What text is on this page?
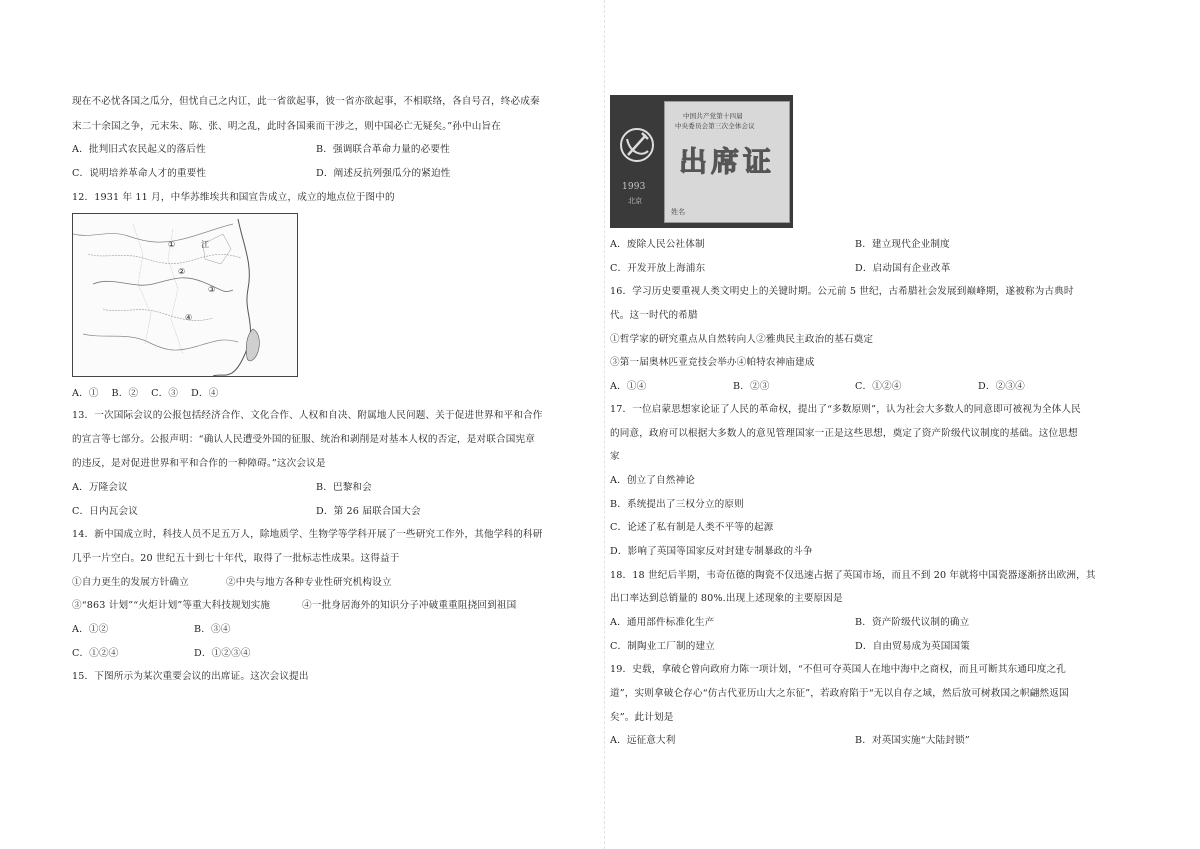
现在不必忧各国之瓜分，但忧自己之内讧，此一省欲起事，彼一省亦欲起事，不相联络，各自号召，终必成秦
末二十余国之争，元末朱、陈、张、明之乱，此时各国乘而干涉之，则中国必亡无疑矣。”孙中山旨在
A．批判旧式农民起义的落后性	B．强调联合革命力量的必要性
C．说明培养革命人才的重要性	D．阐述反抗列强瓜分的紧迫性
12．1931 年 11 月，中华苏维埃共和国宣告成立，成立的地点位于图中的
①	江
②
③
④
A．①　 B．②　 C．③　 D．④
13．一次国际会议的公报包括经济合作、文化合作、人权和自决、附属地人民问题、关于促进世界和平和合作
的宣言等七部分。公报声明：“确认人民遭受外国的征服、统治和剥削是对基本人权的否定，是对联合国宪章
的违反，是对促进世界和平和合作的一种障碍。”这次会议是
A．万隆会议	B．巴黎和会
C．日内瓦会议	D．第 26 届联合国大会
14．新中国成立时，科技人员不足五万人，除地质学、生物学等学科开展了一些研究工作外，其他学科的科研
几乎一片空白。20 世纪五十到七十年代，取得了一批标志性成果。这得益于
①自力更生的发展方针确立	②中央与地方各种专业性研究机构设立
③“863 计划”“火炬计划”等重大科技规划实施	④一批身居海外的知识分子冲破重重阻挠回到祖国
A．①②	B．③④
C．①②④	D．①②③④
15．下图所示为某次重要会议的出席证。这次会议提出
1993
北京
中国共产党第十四届
中央委员会第三次全体会议
出席证
姓名
A．废除人民公社体制	B．建立现代企业制度
C．开发开放上海浦东	D．启动国有企业改革
16．学习历史要重视人类文明史上的关键时期。公元前 5 世纪，古希腊社会发展到巅峰期，遂被称为古典时
代。这一时代的希腊
①哲学家的研究重点从自然转向人②雅典民主政治的基石奠定
③第一届奥林匹亚竞技会举办④帕特农神庙建成
A．①④	B．②③	C．①②④	D．②③④
17．一位启蒙思想家论证了人民的革命权，提出了“多数原则”，认为社会大多数人的同意即可被视为全体人民
的同意，政府可以根据大多数人的意见管理国家一正是这些思想，奠定了资产阶级代议制度的基础。这位思想
家
A．创立了自然神论
B．系统提出了三权分立的原则
C．论述了私有制是人类不平等的起源
D．影响了英国等国家反对封建专制暴政的斗争
18．18 世纪后半期，韦奇伍德的陶瓷不仅迅速占据了英国市场，而且不到 20 年就将中国瓷器逐渐挤出欧洲，其
出口率达到总销量的 80%.出现上述现象的主要原因是
A．通用部件标准化生产	B．资产阶级代议制的确立
C．制陶业工厂制的建立	D．自由贸易成为英国国策
19．史载，拿破仑曾向政府力陈一项计划，“不但可夺英国人在地中海中之商权，而且可断其东通印度之孔
道”，实则拿破仑存心“仿古代亚历山大之东征”，若政府陷于“无以自存之域，然后放可树救国之帜翩然返国
矣”。此计划是
A．远征意大利	B．对英国实施“大陆封锁”
